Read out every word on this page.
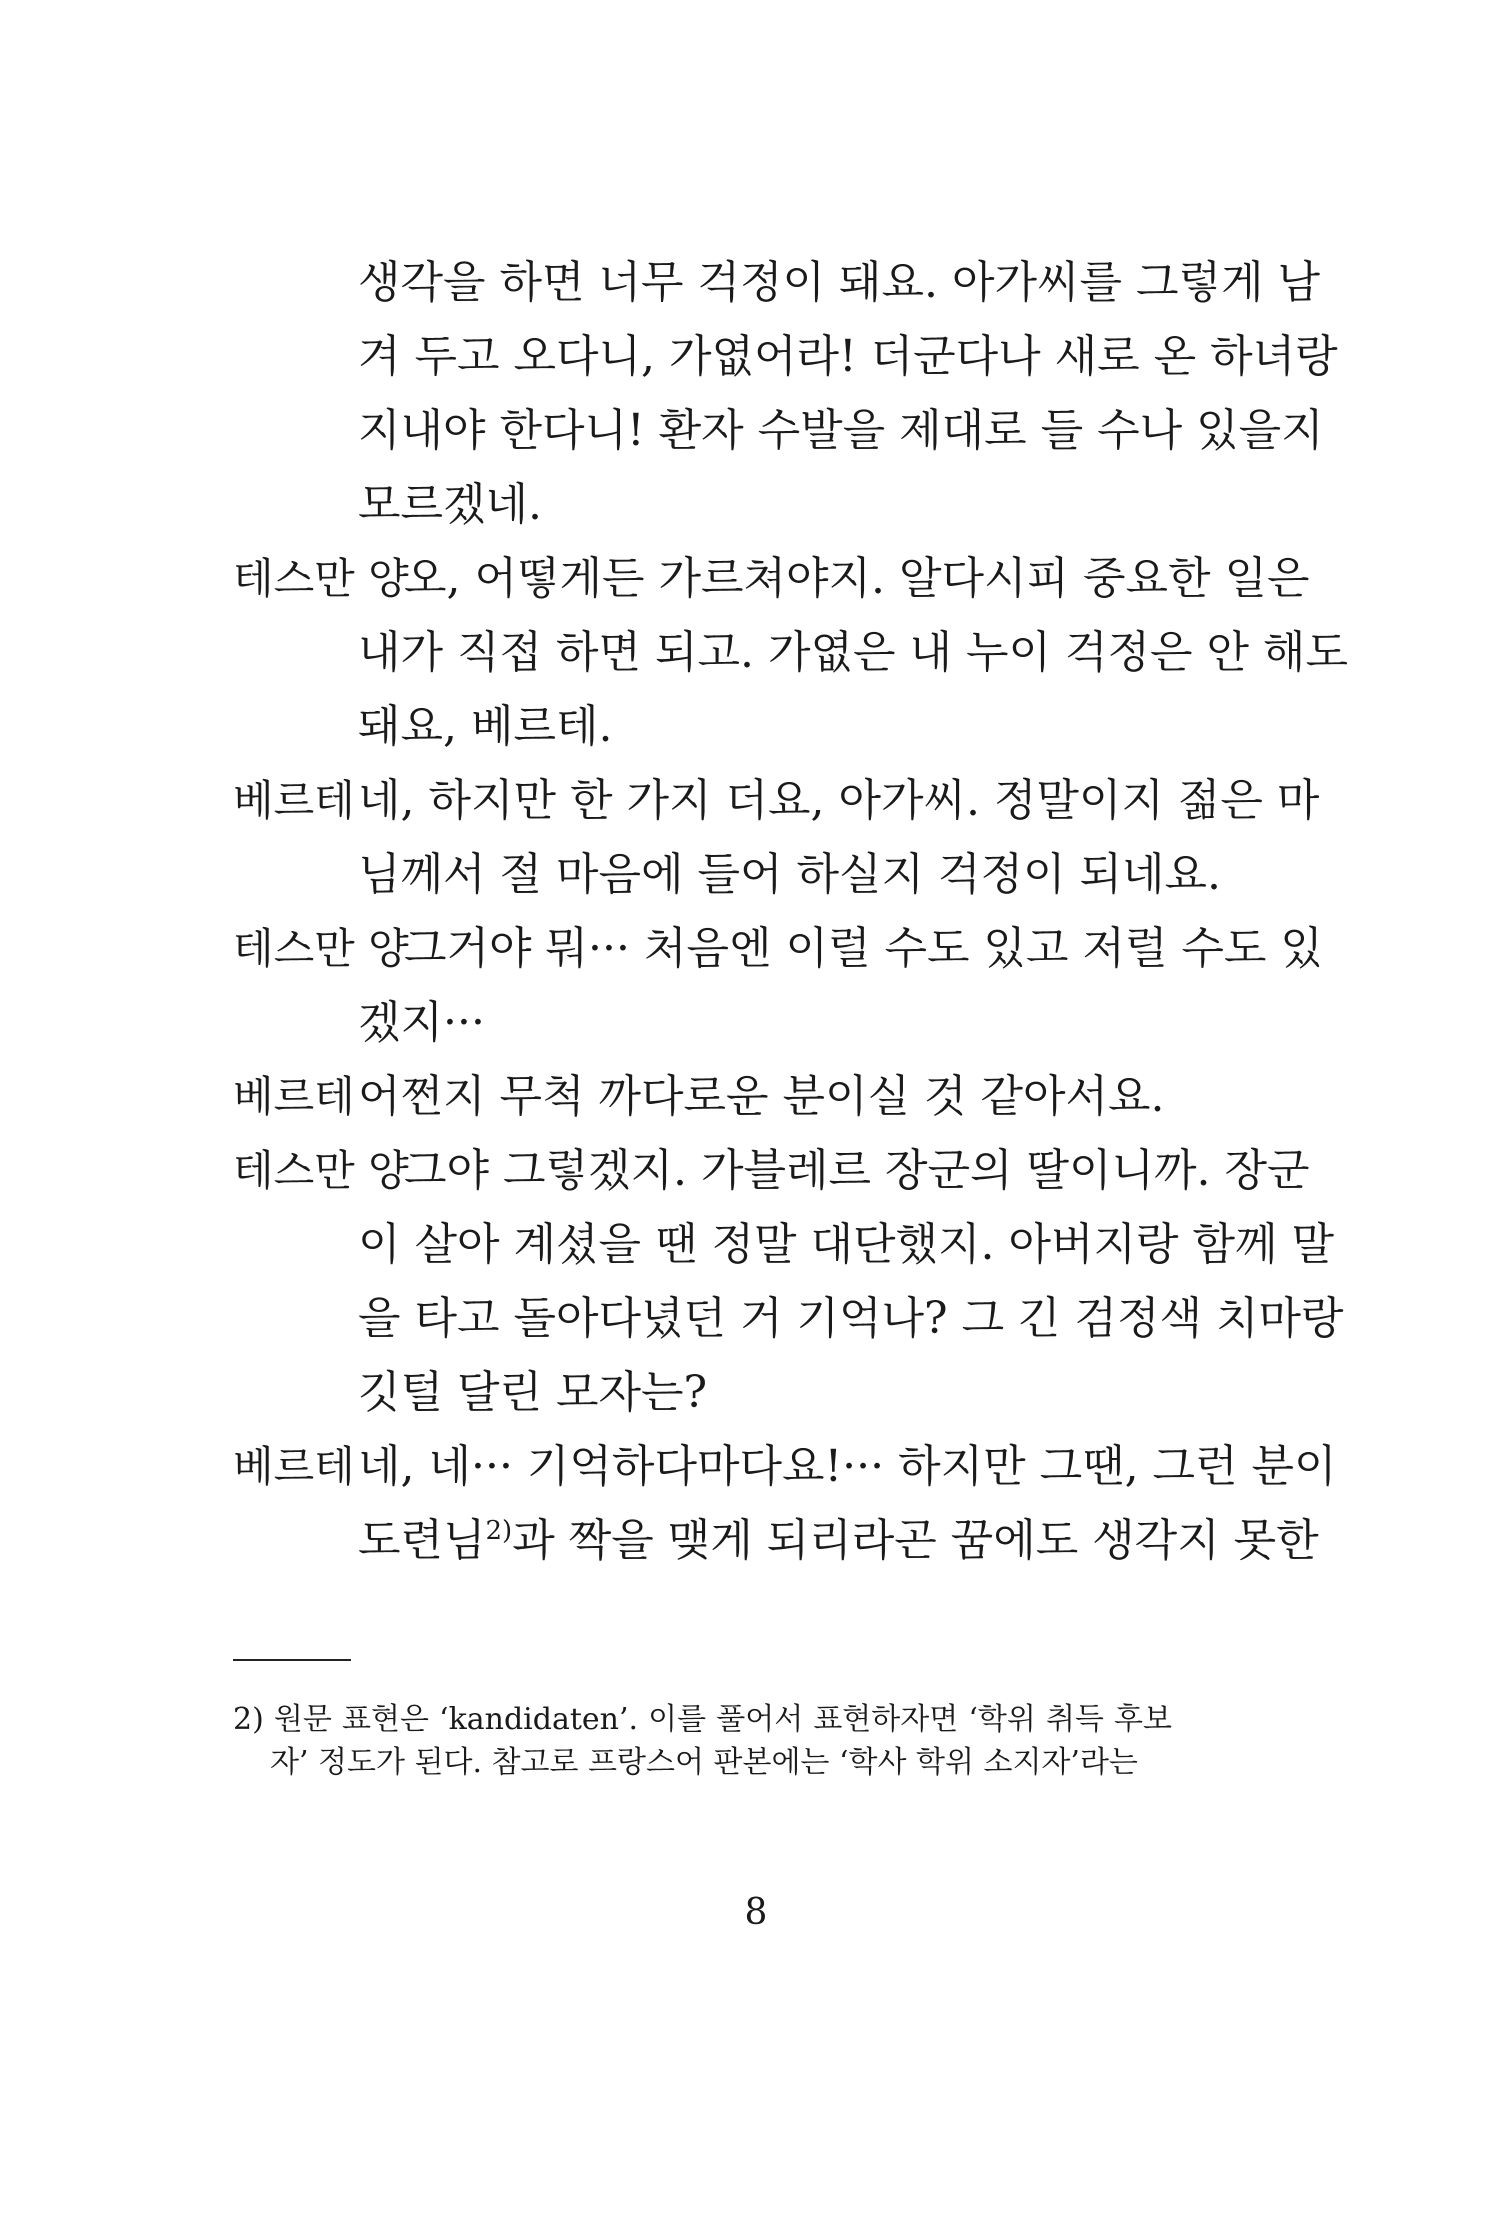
생각을 하면 너무 걱정이 돼요. 아가씨를 그렇게 남
겨 두고 오다니, 가엾어라! 더군다나 새로 온 하녀랑
지내야 한다니! 환자 수발을 제대로 들 수나 있을지
모르겠네.
테스만 양
오, 어떻게든 가르쳐야지. 알다시피 중요한 일은
내가 직접 하면 되고. 가엾은 내 누이 걱정은 안 해도
돼요, 베르테.
베르테 네, 하지만 한 가지 더요, 아가씨. 정말이지 젊은 마
님께서 절 마음에 들어 하실지 걱정이 되네요.
테스만 양
그거야 뭐··· 처음엔 이럴 수도 있고 저럴 수도 있
겠지···
베르테 어쩐지 무척 까다로운 분이실 것 같아서요.
테스만 양
그야 그렇겠지. 가블레르 장군의 딸이니까. 장군
이 살아 계셨을 땐 정말 대단했지. 아버지랑 함께 말
을 타고 돌아다녔던 거 기억나? 그 긴 검정색 치마랑
깃털 달린 모자는?
베르테 네, 네··· 기억하다마다요!··· 하지만 그땐, 그런 분이
도련님$^{2)}$과 짝을 맺게 되리라곤 꿈에도 생각지 못한
2) 원문 표현은 ‘kandidaten’. 이를 풀어서 표현하자면 ‘학위 취득 후보
자’ 정도가 된다. 참고로 프랑스어 판본에는 ‘학사 학위 소지자’라는
8
